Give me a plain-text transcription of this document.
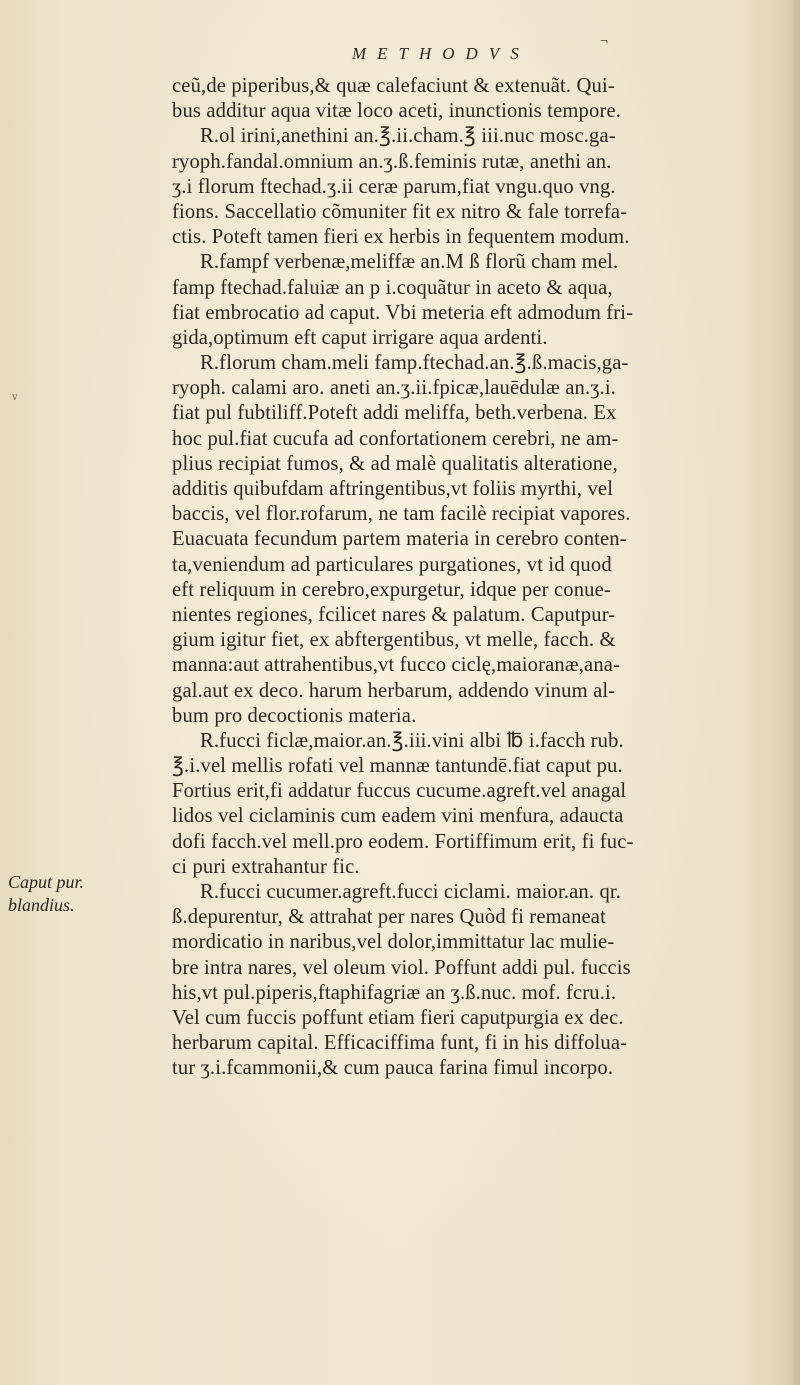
METHODVS
¬
v
ceũ,de piperibus,& quæ calefaciunt & extenuãt. Qui-
bus additur aqua vitæ loco aceti, inunctionis tempore.
R.ol irini,anethini an.℥.ii.cham.℥ iii.nuc mosc.ga-
ryoph.fandal.omnium an.ʒ.ß.feminis rutæ, anethi an.
ʒ.i florum ftechad.ʒ.ii ceræ parum,fiat vngu.quo vng.
fions. Saccellatio cõmuniter fit ex nitro & fale torrefa-
ctis. Poteft tamen fieri ex herbis in fequentem modum.
R.fampf verbenæ,meliffæ an.M ß florũ cham mel.
famp ftechad.faluiæ an p i.coquãtur in aceto & aqua,
fiat embrocatio ad caput. Vbi meteria eft admodum fri-
gida,optimum eft caput irrigare aqua ardenti.
R.florum cham.meli famp.ftechad.an.℥.ß.macis,ga-
ryoph. calami aro. aneti an.ʒ.ii.fpicæ,lauēdulæ an.ʒ.i.
fiat pul fubtiliff.Poteft addi meliffa, beth.verbena. Ex
hoc pul.fiat cucufa ad confortationem cerebri, ne am-
plius recipiat fumos, & ad malè qualitatis alteratione,
additis quibufdam aftringentibus,vt foliis myrthi, vel
baccis, vel flor.rofarum, ne tam facilè recipiat vapores.
Euacuata fecundum partem materia in cerebro conten-
ta,veniendum ad particulares purgationes, vt id quod
eft reliquum in cerebro,expurgetur, idque per conue-
nientes regiones, fcilicet nares & palatum. Caputpur-
gium igitur fiet, ex abftergentibus, vt melle, facch. &
manna:aut attrahentibus,vt fucco ciclę,maioranæ,ana-
gal.aut ex deco. harum herbarum, addendo vinum al-
bum pro decoctionis materia.
R.fucci ficlæ,maior.an.℥.iii.vini albi ℔ i.facch rub.
℥.i.vel mellis rofati vel mannæ tantundē.fiat caput pu.
Fortius erit,fi addatur fuccus cucume.agreft.vel anagal
lidos vel ciclaminis cum eadem vini menfura, adaucta
dofi facch.vel mell.pro eodem. Fortiffimum erit, fi fuc-
ci puri extrahantur fic.
R.fucci cucumer.agreft.fucci ciclami. maior.an. qr.
ß.depurentur, & attrahat per nares Quòd fi remaneat
mordicatio in naribus,vel dolor,immittatur lac mulie-
bre intra nares, vel oleum viol. Poffunt addi pul. fuccis
his,vt pul.piperis,ftaphifagriæ an ʒ.ß.nuc. mof. fcru.i.
Vel cum fuccis poffunt etiam fieri caputpurgia ex dec.
herbarum capital. Efficaciffima funt, fi in his diffolua-
tur ʒ.i.fcammonii,& cum pauca farina fimul incorpo.
Caput pur.
blandius.
